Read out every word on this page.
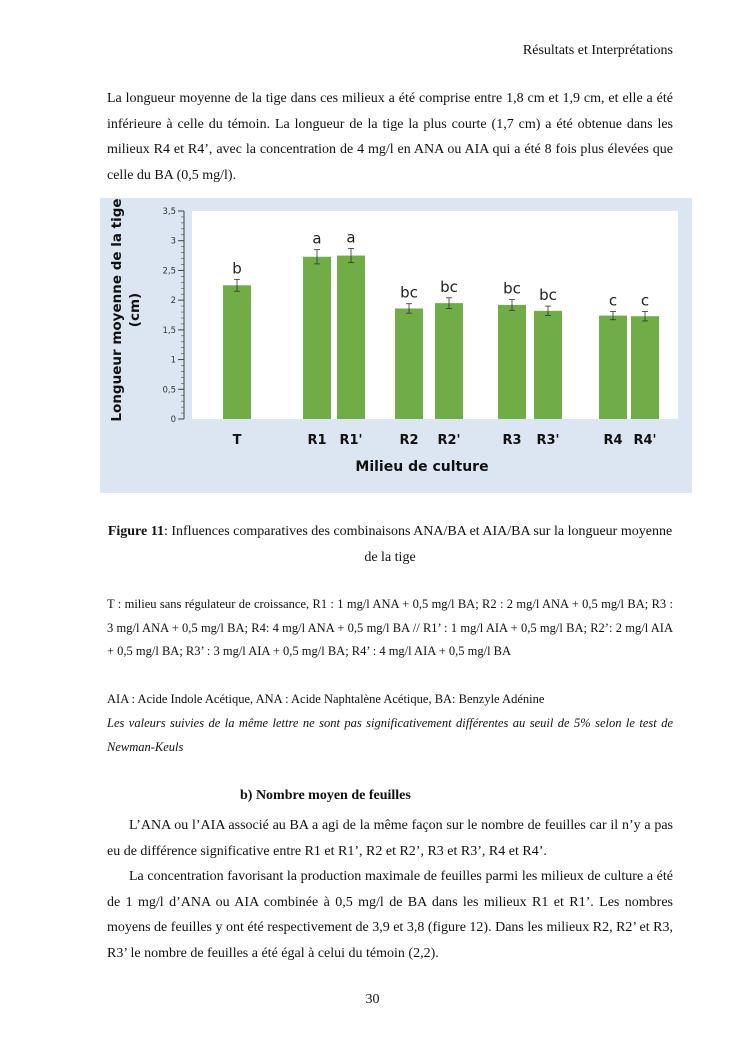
Résultats et Interprétations

La longueur moyenne de la tige dans ces milieux a été comprise entre 1,8 cm et 1,9 cm, et elle a été inférieure à celle du témoin. La longueur de la tige la plus courte (1,7 cm) a été obtenue dans les milieux R4 et R4’, avec la concentration de 4 mg/l en ANA ou AIA qui a été 8 fois plus élevées que celle du BA (0,5 mg/l).

0
0,5
1
1,5
2
2,5
3
3,5
b
T
a
R1
a
R1'
bc
R2
bc
R2'
bc
R3
bc
R3'
c
R4
c
R4'
Milieu de culture
Longueur moyenne de la tige (cm)
Figure 11: Influences comparatives des combinaisons ANA/BA et AIA/BA sur la longueur moyenne de la tige

T : milieu sans régulateur de croissance, R1 : 1 mg/l ANA + 0,5 mg/l BA; R2 : 2 mg/l ANA + 0,5 mg/l BA; R3 : 3 mg/l ANA + 0,5 mg/l BA; R4: 4 mg/l ANA + 0,5 mg/l BA // R1’ : 1 mg/l AIA + 0,5 mg/l BA; R2’: 2 mg/l AIA + 0,5 mg/l BA; R3’ : 3 mg/l AIA + 0,5 mg/l BA; R4’ : 4 mg/l AIA + 0,5 mg/l BA

AIA : Acide Indole Acétique, ANA : Acide Naphtalène Acétique, BA: Benzyle Adénine

Les valeurs suivies de la même lettre ne sont pas significativement différentes au seuil de 5% selon le test de Newman-Keuls

b) Nombre moyen de feuilles

L’ANA ou l’AIA associé au BA a agi de la même façon sur le nombre de feuilles car il n’y a pas eu de différence significative entre R1 et R1’, R2 et R2’, R3 et R3’, R4 et R4’.

La concentration favorisant la production maximale de feuilles parmi les milieux de culture a été de 1 mg/l d’ANA ou AIA combinée à 0,5 mg/l de BA dans les milieux R1 et R1’. Les nombres moyens de feuilles y ont été respectivement de 3,9 et 3,8 (figure 12). Dans les milieux R2, R2’ et R3, R3’ le nombre de feuilles a été égal à celui du témoin (2,2).

30
